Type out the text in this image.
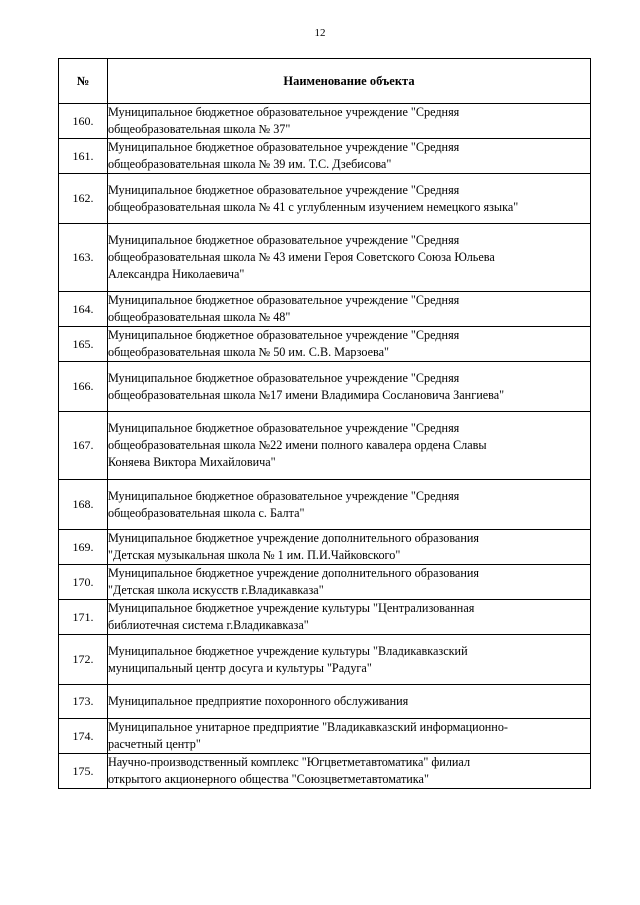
12
№	Наименование объекта
160.	Муниципальное бюджетное образовательное учреждение "Средняя
общеобразовательная школа № 37"
161.	Муниципальное бюджетное образовательное учреждение "Средняя
общеобразовательная школа № 39 им. Т.С. Дзебисова"
162.	Муниципальное бюджетное образовательное учреждение "Средняя
общеобразовательная школа № 41 с углубленным изучением немецкого языка"
163.	Муниципальное бюджетное образовательное учреждение "Средняя
общеобразовательная школа № 43 имени Героя Советского Союза Юльева
Александра Николаевича"
164.	Муниципальное бюджетное образовательное учреждение "Средняя
общеобразовательная школа № 48"
165.	Муниципальное бюджетное образовательное учреждение "Средняя
общеобразовательная школа № 50 им. С.В. Марзоева"
166.	Муниципальное бюджетное образовательное учреждение "Средняя
общеобразовательная школа №17 имени Владимира Сослановича Зангиева"
167.	Муниципальное бюджетное образовательное учреждение "Средняя
общеобразовательная школа №22 имени полного кавалера ордена Славы
Коняева Виктора Михайловича"
168.	Муниципальное бюджетное образовательное учреждение "Средняя
общеобразовательная школа с. Балта"
169.	Муниципальное бюджетное учреждение дополнительного образования
"Детская музыкальная школа № 1 им. П.И.Чайковского"
170.	Муниципальное бюджетное учреждение дополнительного образования
"Детская школа искусств г.Владикавказа"
171.	Муниципальное бюджетное учреждение культуры "Централизованная
библиотечная система г.Владикавказа"
172.	Муниципальное бюджетное учреждение культуры "Владикавказский
муниципальный центр досуга и культуры "Радуга"
173.	Муниципальное предприятие похоронного обслуживания
174.	Муниципальное унитарное предприятие "Владикавказский информационно-
расчетный центр"
175.	Научно-производственный комплекс "Югцветметавтоматика" филиал
открытого акционерного общества "Союзцветметавтоматика"
